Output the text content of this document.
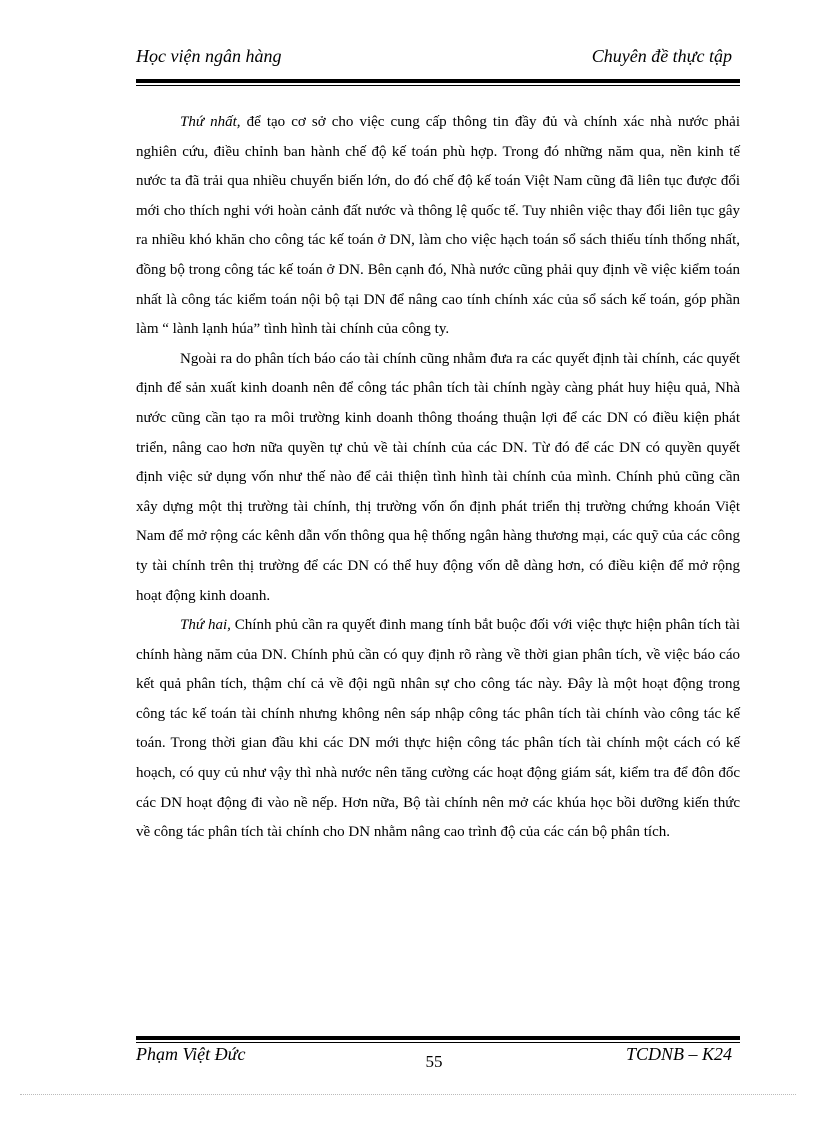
Học viện ngân hàng	Chuyên đề thực tập

Thứ nhất, để tạo cơ sở cho việc cung cấp thông tin đầy đủ và chính xác nhà nước phải nghiên cứu, điều chỉnh ban hành chế độ kế toán phù hợp. Trong đó những năm qua, nền kinh tế nước ta đã trải qua nhiều chuyển biến lớn, do đó chế độ kế toán Việt Nam cũng đã liên tục được đổi mới cho thích nghi với hoàn cảnh đất nước và thông lệ quốc tế. Tuy nhiên việc thay đổi liên tục gây ra nhiều khó khăn cho công tác kế toán ở DN, làm cho việc hạch toán sổ sách thiếu tính thống nhất, đồng bộ trong công tác kế toán ở DN. Bên cạnh đó, Nhà nước cũng phải quy định về việc kiểm toán nhất là công tác kiểm toán nội bộ tại DN để nâng cao tính chính xác của sổ sách kế toán, góp phần làm “ lành lạnh húa” tình hình tài chính của công ty.

Ngoài ra do phân tích báo cáo tài chính cũng nhằm đưa ra các quyết định tài chính, các quyết định để sản xuất kinh doanh nên để công tác phân tích tài chính ngày càng phát huy hiệu quả, Nhà nước cũng cần tạo ra môi trường kinh doanh thông thoáng thuận lợi để các DN có điều kiện phát triển, nâng cao hơn nữa quyền tự chủ về tài chính của các DN. Từ đó để các DN có quyền quyết định việc sử dụng vốn như thế nào để cải thiện tình hình tài chính của mình. Chính phủ cũng cần xây dựng một thị trường tài chính, thị trường vốn ổn định phát triển thị trường chứng khoán Việt Nam để mở rộng các kênh dẫn vốn thông qua hệ thống ngân hàng thương mại, các quỹ của các công ty tài chính trên thị trường để các DN có thể huy động vốn dễ dàng hơn, có điều kiện để mở rộng hoạt động kinh doanh.

Thứ hai, Chính phủ cần ra quyết đinh mang tính bắt buộc đối với việc thực hiện phân tích tài chính hàng năm của DN. Chính phủ cần có quy định rõ ràng về thời gian phân tích, về việc báo cáo kết quả phân tích, thậm chí cả về đội ngũ nhân sự cho công tác này. Đây là một hoạt động trong công tác kế toán tài chính nhưng không nên sáp nhập công tác phân tích tài chính vào công tác kế toán. Trong thời gian đầu khi các DN mới thực hiện công tác phân tích tài chính một cách có kế hoạch, có quy củ như vậy thì nhà nước nên tăng cường các hoạt động giám sát, kiểm tra để đôn đốc các DN hoạt động đi vào nề nếp. Hơn nữa, Bộ tài chính nên mở các khúa học bồi dưỡng kiến thức về công tác phân tích tài chính cho DN nhằm nâng cao trình độ của các cán bộ phân tích.

Phạm Việt Đức	55	TCDNB – K24
